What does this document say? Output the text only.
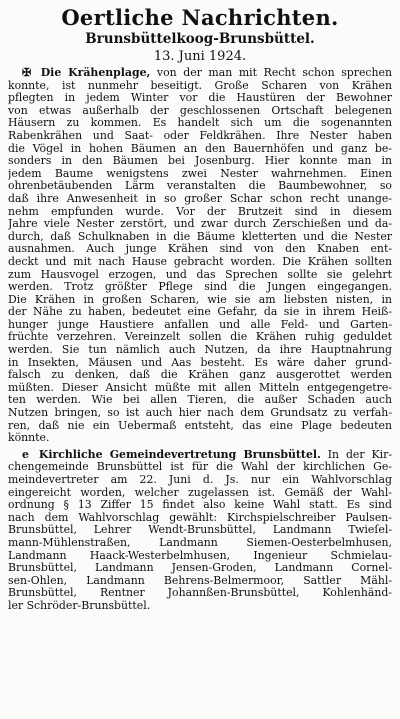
Oertliche Nachrichten.
Brunsbüttelkoog-Brunsbüttel.
13. Juni 1924.
✠ Die Krähenplage, von der man mit Recht schon sprechen
konnte, ist nunmehr beseitigt. Große Scharen von Krähen
pflegten in jedem Winter vor die Haustüren der Bewohner
von etwas außerhalb der geschlossenen Ortschaft belegenen
Häusern zu kommen. Es handelt sich um die sogenannten
Rabenkrähen und Saat- oder Feldkrähen. Ihre Nester haben
die Vögel in hohen Bäumen an den Bauernhöfen und ganz be-
sonders in den Bäumen bei Josenburg. Hier konnte man in
jedem Baume wenigstens zwei Nester wahrnehmen. Einen
ohrenbetäubenden Lärm veranstalten die Baumbewohner, so
daß ihre Anwesenheit in so großer Schar schon recht unange-
nehm empfunden wurde. Vor der Brutzeit sind in diesem
Jahre viele Nester zerstört, und zwar durch Zerschießen und da-
durch, daß Schulknaben in die Bäume kletterten und die Nester
ausnahmen. Auch junge Krähen sind von den Knaben ent-
deckt und mit nach Hause gebracht worden. Die Krähen sollten
zum Hausvogel erzogen, und das Sprechen sollte sie gelehrt
werden. Trotz größter Pflege sind die Jungen eingegangen.
Die Krähen in großen Scharen, wie sie am liebsten nisten, in
der Nähe zu haben, bedeutet eine Gefahr, da sie in ihrem Heiß-
hunger junge Haustiere anfallen und alle Feld- und Garten-
früchte verzehren. Vereinzelt sollen die Krähen ruhig geduldet
werden. Sie tun nämlich auch Nutzen, da ihre Hauptnahrung
in Insekten, Mäusen und Aas besteht. Es wäre daher grund-
falsch zu denken, daß die Krähen ganz ausgerottet werden
müßten. Dieser Ansicht müßte mit allen Mitteln entgegengetre-
ten werden. Wie bei allen Tieren, die außer Schaden auch
Nutzen bringen, so ist auch hier nach dem Grundsatz zu verfah-
ren, daß nie ein Uebermaß entsteht, das eine Plage bedeuten
könnte.
e Kirchliche Gemeindevertretung Brunsbüttel. In der Kir-
chengemeinde Brunsbüttel ist für die Wahl der kirchlichen Ge-
meindevertreter am 22. Juni d. Js. nur ein Wahlvorschlag
eingereicht worden, welcher zugelassen ist. Gemäß der Wahl-
ordnung § 13 Ziffer 15 findet also keine Wahl statt. Es sind
nach dem Wahlvorschlag gewählt: Kirchspielschreiber Paulsen-
Brunsbüttel, Lehrer Wendt-Brunsbüttel, Landmann Twieſel-
mann-Mühlenstraßen, Landmann Siemen-Oesterbelmhusen,
Landmann Haack-Westerbelmhusen, Ingenieur Schmielau-
Brunsbüttel, Landmann Jensen-Groden, Landmann Cornel-
sen-Ohlen, Landmann Behrens-Belmermoor, Sattler Mähl-
Brunsbüttel, Rentner Johannßen-Brunsbüttel, Kohlenhänd-
ler Schröder-Brunsbüttel.
